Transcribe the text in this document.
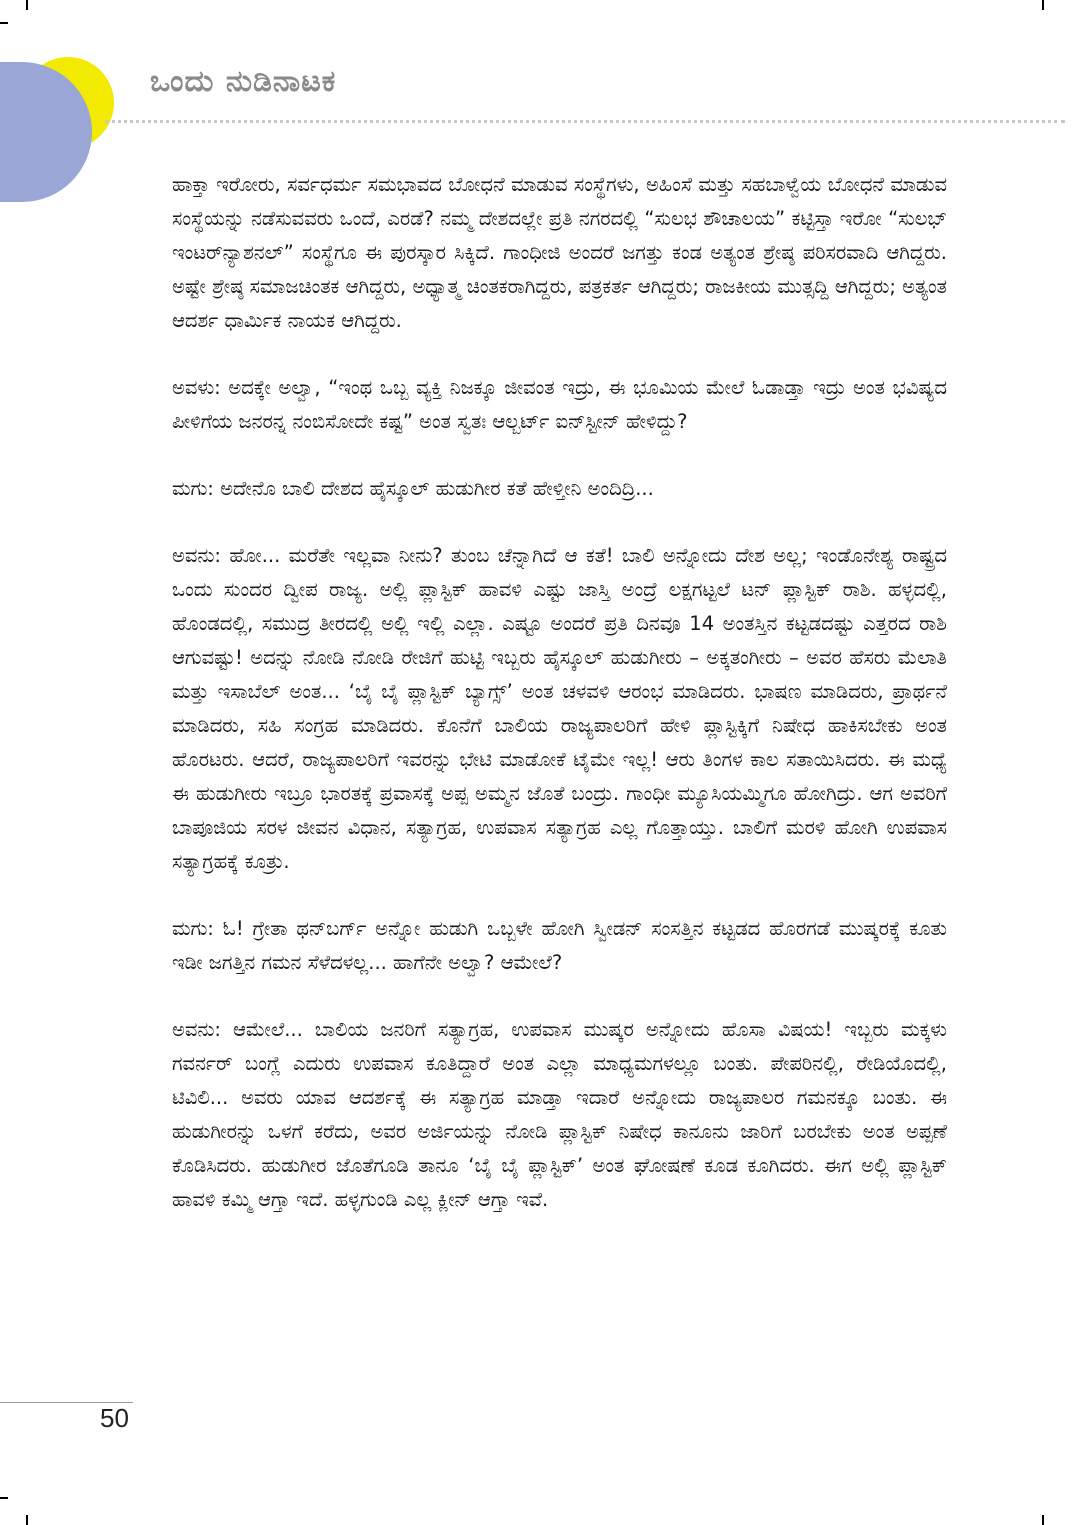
ಒಂದು ನುಡಿನಾಟಕ

ಹಾಕ್ತಾ ಇರೋರು, ಸರ್ವಧರ್ಮ ಸಮಭಾವದ ಬೋಧನೆ ಮಾಡುವ ಸಂಸ್ಥೆಗಳು, ಅಹಿಂಸೆ ಮತ್ತು ಸಹಬಾಳ್ವೆಯ ಬೋಧನೆ ಮಾಡುವ ಸಂಸ್ಥೆಯನ್ನು ನಡೆಸುವವರು ಒಂದೆ, ಎರಡೆ? ನಮ್ಮ ದೇಶದಲ್ಲೇ ಪ್ರತಿ ನಗರದಲ್ಲಿ “ಸುಲಭ ಶೌಚಾಲಯ” ಕಟ್ಟಿಸ್ತಾ ಇರೋ “ಸುಲಭ್ ಇಂಟರ್‌ನ್ಯಾಶನಲ್” ಸಂಸ್ಥೆಗೂ ಈ ಪುರಸ್ಕಾರ ಸಿಕ್ಕಿದೆ. ಗಾಂಧೀಜಿ ಅಂದರೆ ಜಗತ್ತು ಕಂಡ ಅತ್ಯಂತ ಶ್ರೇಷ್ಠ ಪರಿಸರವಾದಿ ಆಗಿದ್ದರು. ಅಷ್ಟೇ ಶ್ರೇಷ್ಠ ಸಮಾಜಚಿಂತಕ ಆಗಿದ್ದರು, ಅಧ್ಯಾತ್ಮ ಚಿಂತಕರಾಗಿದ್ದರು, ಪತ್ರಕರ್ತ ಆಗಿದ್ದರು; ರಾಜಕೀಯ ಮುತ್ಸದ್ದಿ ಆಗಿದ್ದರು; ಅತ್ಯಂತ ಆದರ್ಶ ಧಾರ್ಮಿಕ ನಾಯಕ ಆಗಿದ್ದರು.

ಅವಳು: ಅದಕ್ಕೇ ಅಲ್ವಾ, “ಇಂಥ ಒಬ್ಬ ವ್ಯಕ್ತಿ ನಿಜಕ್ಕೂ ಜೀವಂತ ಇದ್ರು, ಈ ಭೂಮಿಯ ಮೇಲೆ ಓಡಾಡ್ತಾ ಇದ್ರು ಅಂತ ಭವಿಷ್ಯದ ಪೀಳಿಗೆಯ ಜನರನ್ನ ನಂಬಿಸೋದೇ ಕಷ್ಟ” ಅಂತ ಸ್ವತಃ ಆಲ್ಬರ್ಟ್ ಐನ್‌ಸ್ಟೀನ್ ಹೇಳಿದ್ದು?

ಮಗು: ಅದೇನೊ ಬಾಲಿ ದೇಶದ ಹೈಸ್ಕೂಲ್ ಹುಡುಗೀರ ಕತೆ ಹೇಳ್ತೀನಿ ಅಂದಿದ್ರಿ...

ಅವನು: ಹೋ... ಮರೆತೇ ಇಲ್ಲವಾ ನೀನು? ತುಂಬ ಚೆನ್ನಾಗಿದೆ ಆ ಕತೆ! ಬಾಲಿ ಅನ್ನೋದು ದೇಶ ಅಲ್ಲ; ಇಂಡೊನೇಶ್ಯ ರಾಷ್ಟ್ರದ ಒಂದು ಸುಂದರ ದ್ವೀಪ ರಾಜ್ಯ. ಅಲ್ಲಿ ಪ್ಲಾಸ್ಟಿಕ್ ಹಾವಳಿ ಎಷ್ಟು ಜಾಸ್ತಿ ಅಂದ್ರೆ ಲಕ್ಷಗಟ್ಟಲೆ ಟನ್ ಪ್ಲಾಸ್ಟಿಕ್ ರಾಶಿ. ಹಳ್ಳದಲ್ಲಿ, ಹೊಂಡದಲ್ಲಿ, ಸಮುದ್ರ ತೀರದಲ್ಲಿ ಅಲ್ಲಿ ಇಲ್ಲಿ ಎಲ್ಲಾ. ಎಷ್ಟೂ ಅಂದರೆ ಪ್ರತಿ ದಿನವೂ 14 ಅಂತಸ್ತಿನ ಕಟ್ಟಡದಷ್ಟು ಎತ್ತರದ ರಾಶಿ ಆಗುವಷ್ಟು! ಅದನ್ನು ನೋಡಿ ನೋಡಿ ರೇಜಿಗೆ ಹುಟ್ಟಿ ಇಬ್ಬರು ಹೈಸ್ಕೂಲ್ ಹುಡುಗೀರು – ಅಕ್ಕತಂಗೀರು – ಅವರ ಹೆಸರು ಮೆಲಾತಿ ಮತ್ತು ಇಸಾಬೆಲ್ ಅಂತ... ‘ಬೈ ಬೈ ಪ್ಲಾಸ್ಟಿಕ್ ಬ್ಯಾಗ್ಸ್’ ಅಂತ ಚಳವಳಿ ಆರಂಭ ಮಾಡಿದರು. ಭಾಷಣ ಮಾಡಿದರು, ಪ್ರಾರ್ಥನೆ ಮಾಡಿದರು, ಸಹಿ ಸಂಗ್ರಹ ಮಾಡಿದರು. ಕೊನೆಗೆ ಬಾಲಿಯ ರಾಜ್ಯಪಾಲರಿಗೆ ಹೇಳಿ ಪ್ಲಾಸ್ಟಿಕ್ಕಿಗೆ ನಿಷೇಧ ಹಾಕಿಸಬೇಕು ಅಂತ ಹೊರಟರು. ಆದರೆ, ರಾಜ್ಯಪಾಲರಿಗೆ ಇವರನ್ನು ಭೇಟಿ ಮಾಡೋಕೆ ಟೈಮೇ ಇಲ್ಲ! ಆರು ತಿಂಗಳ ಕಾಲ ಸತಾಯಿಸಿದರು. ಈ ಮಧ್ಯೆ ಈ ಹುಡುಗೀರು ಇಬ್ರೂ ಭಾರತಕ್ಕೆ ಪ್ರವಾಸಕ್ಕೆ ಅಪ್ಪ ಅಮ್ಮನ ಜೊತೆ ಬಂದ್ರು. ಗಾಂಧೀ ಮ್ಯೂಸಿಯಮ್ಮಿಗೂ ಹೋಗಿದ್ರು. ಆಗ ಅವರಿಗೆ ಬಾಪೂಜಿಯ ಸರಳ ಜೀವನ ವಿಧಾನ, ಸತ್ಯಾಗ್ರಹ, ಉಪವಾಸ ಸತ್ಯಾಗ್ರಹ ಎಲ್ಲ ಗೊತ್ತಾಯ್ತು. ಬಾಲಿಗೆ ಮರಳಿ ಹೋಗಿ ಉಪವಾಸ ಸತ್ಯಾಗ್ರಹಕ್ಕೆ ಕೂತ್ರು.

ಮಗು: ಓ! ಗ್ರೇತಾ ಥನ್‌ಬರ್ಗ್ ಅನ್ನೋ ಹುಡುಗಿ ಒಬ್ಬಳೇ ಹೋಗಿ ಸ್ವೀಡನ್ ಸಂಸತ್ತಿನ ಕಟ್ಟಡದ ಹೊರಗಡೆ ಮುಷ್ಕರಕ್ಕೆ ಕೂತು ಇಡೀ ಜಗತ್ತಿನ ಗಮನ ಸೆಳೆದಳಲ್ಲ... ಹಾಗೆನೇ ಅಲ್ವಾ? ಆಮೇಲೆ?

ಅವನು: ಆಮೇಲೆ... ಬಾಲಿಯ ಜನರಿಗೆ ಸತ್ಯಾಗ್ರಹ, ಉಪವಾಸ ಮುಷ್ಕರ ಅನ್ನೋದು ಹೊಸಾ ವಿಷಯ! ಇಬ್ಬರು ಮಕ್ಕಳು ಗವರ್ನರ್ ಬಂಗ್ಲೆ ಎದುರು ಉಪವಾಸ ಕೂತಿದ್ದಾರೆ ಅಂತ ಎಲ್ಲಾ ಮಾಧ್ಯಮಗಳಲ್ಲೂ ಬಂತು. ಪೇಪರಿನಲ್ಲಿ, ರೇಡಿಯೊದಲ್ಲಿ, ಟಿವಿಲಿ... ಅವರು ಯಾವ ಆದರ್ಶಕ್ಕೆ ಈ ಸತ್ಯಾಗ್ರಹ ಮಾಡ್ತಾ ಇದಾರೆ ಅನ್ನೋದು ರಾಜ್ಯಪಾಲರ ಗಮನಕ್ಕೂ ಬಂತು. ಈ ಹುಡುಗೀರನ್ನು ಒಳಗೆ ಕರೆದು, ಅವರ ಅರ್ಜಿಯನ್ನು ನೋಡಿ ಪ್ಲಾಸ್ಟಿಕ್ ನಿಷೇಧ ಕಾನೂನು ಜಾರಿಗೆ ಬರಬೇಕು ಅಂತ ಅಪ್ಪಣೆ ಕೊಡಿಸಿದರು. ಹುಡುಗೀರ ಜೊತೆಗೂಡಿ ತಾನೂ ‘ಬೈ ಬೈ ಪ್ಲಾಸ್ಟಿಕ್’ ಅಂತ ಘೋಷಣೆ ಕೂಡ ಕೂಗಿದರು. ಈಗ ಅಲ್ಲಿ ಪ್ಲಾಸ್ಟಿಕ್ ಹಾವಳಿ ಕಮ್ಮಿ ಆಗ್ತಾ ಇದೆ. ಹಳ್ಳಗುಂಡಿ ಎಲ್ಲ ಕ್ಲೀನ್ ಆಗ್ತಾ ಇವೆ.

50
